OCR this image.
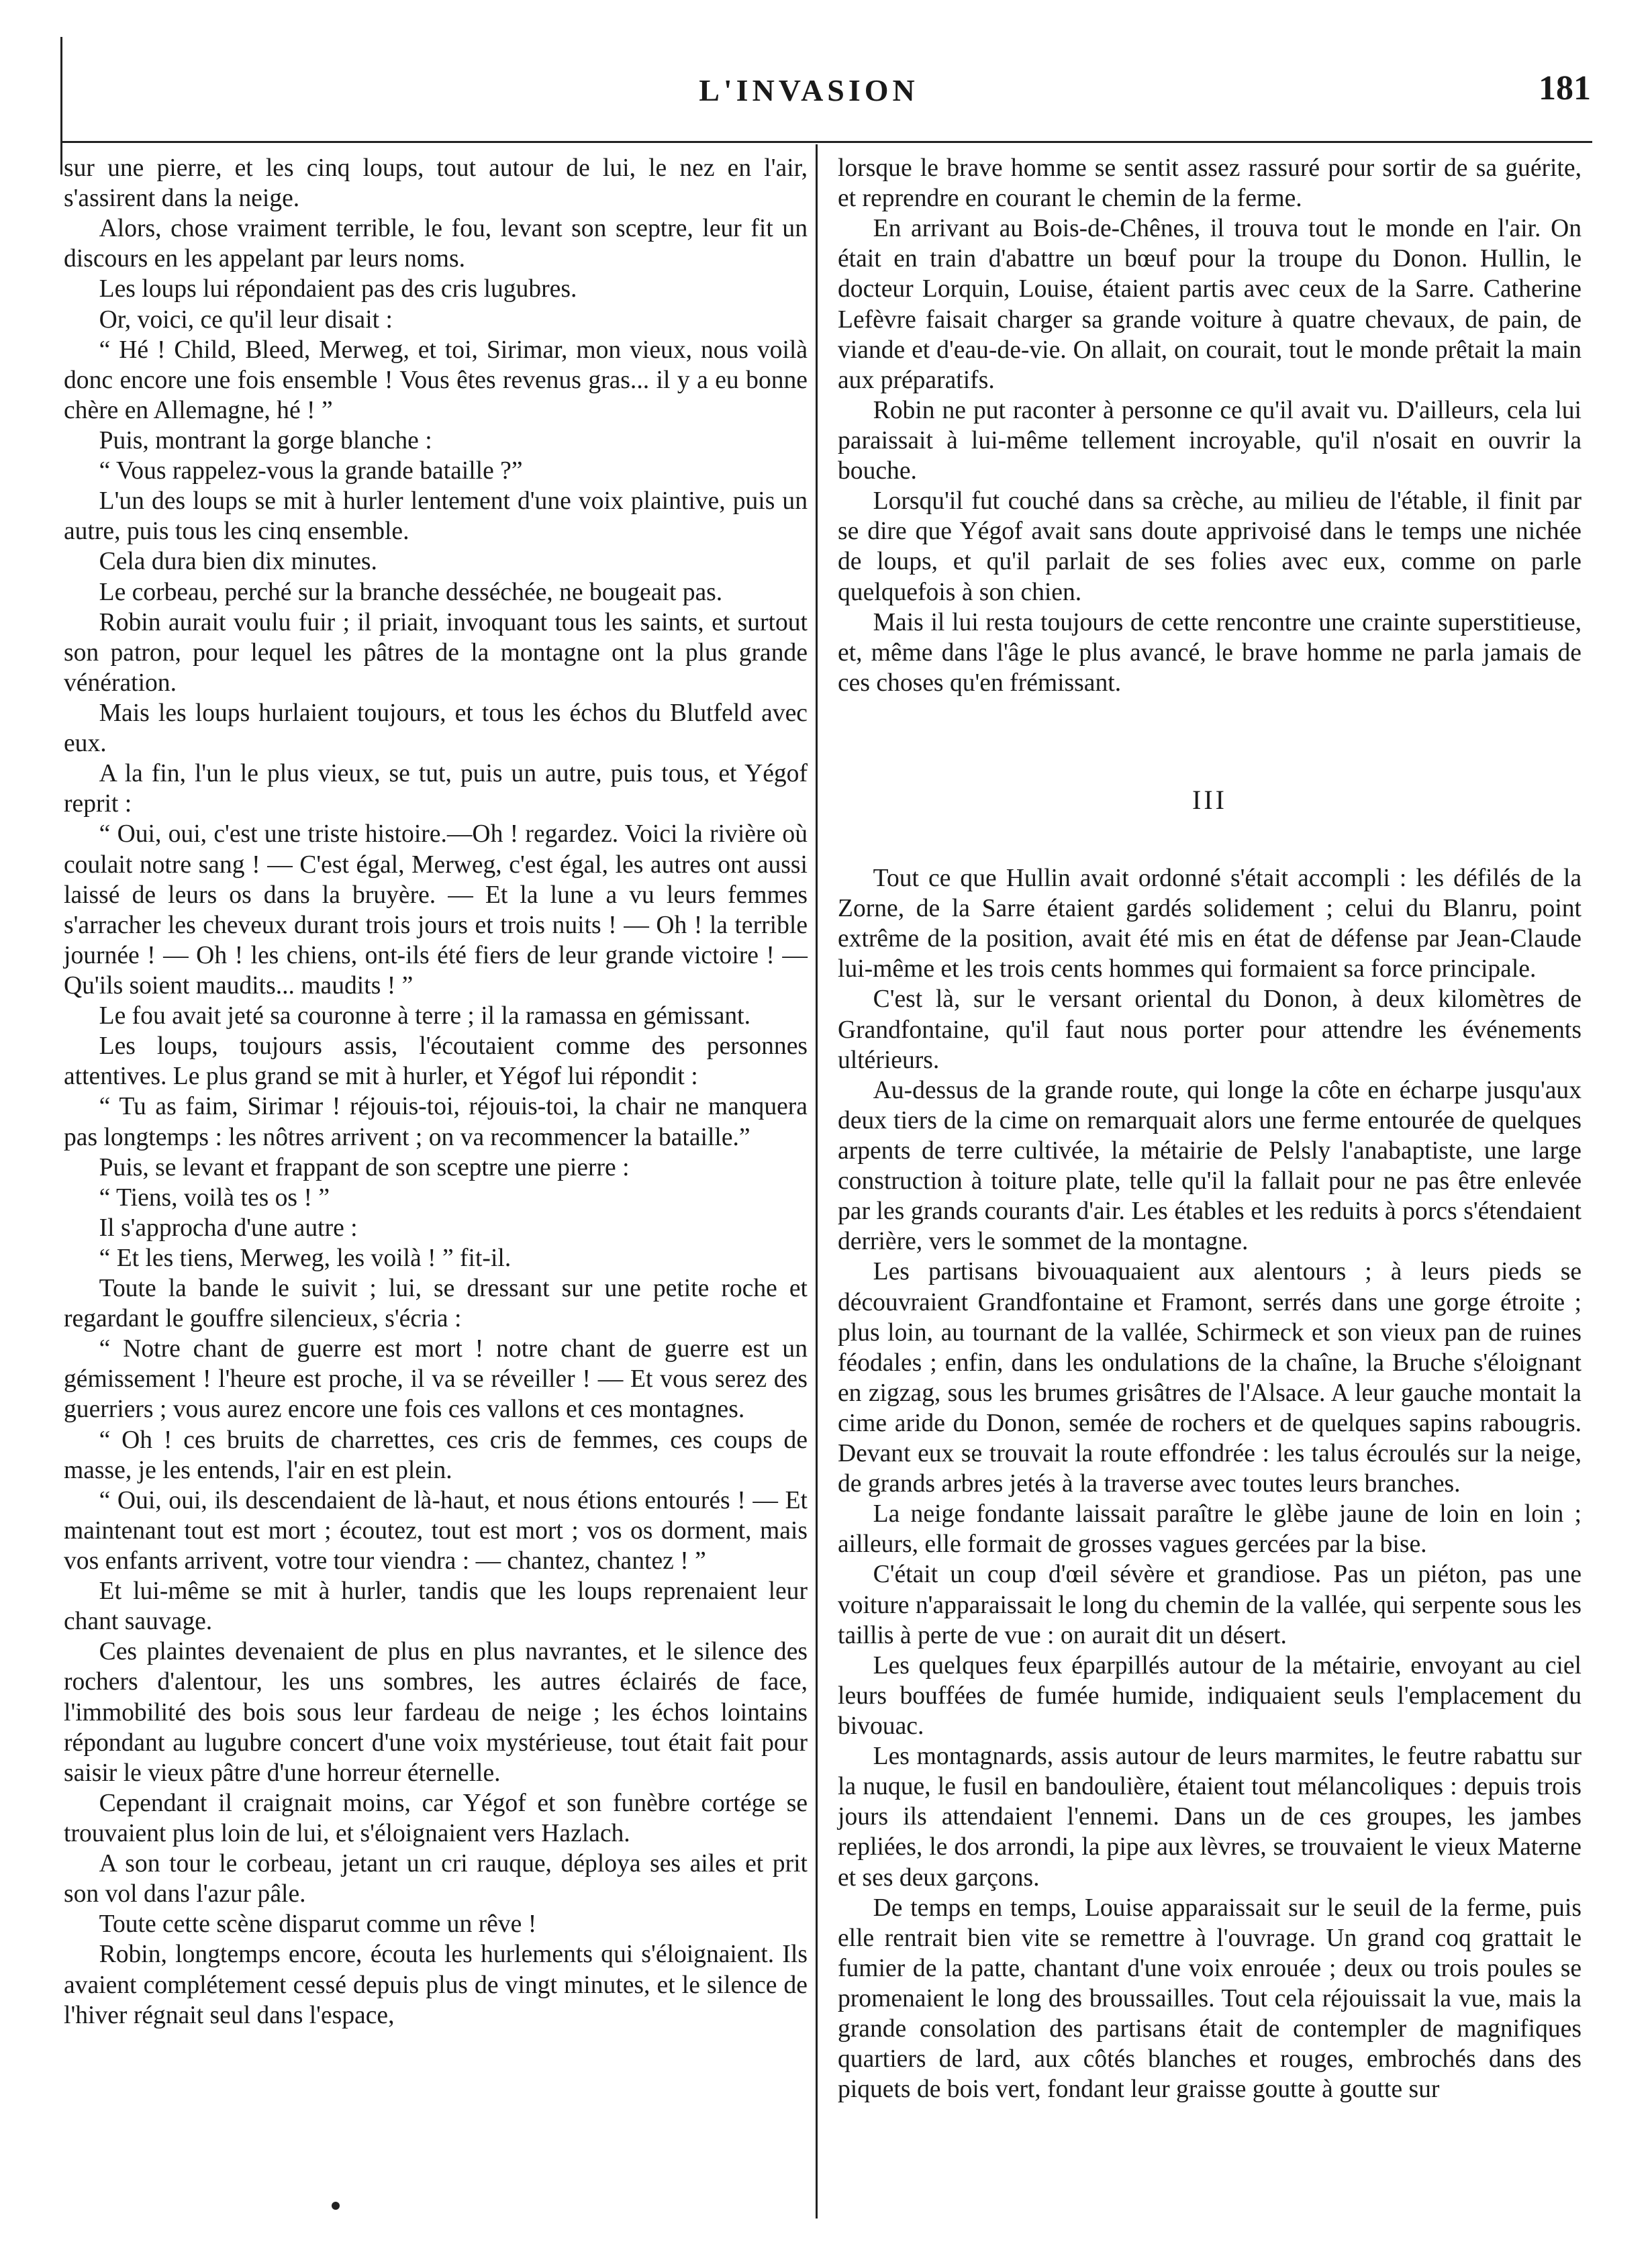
L'INVASION	181

sur une pierre, et les cinq loups, tout autour de lui, le nez en l'air, s'assirent dans la neige.

Alors, chose vraiment terrible, le fou, levant son sceptre, leur fit un discours en les appelant par leurs noms.

Les loups lui répondaient pas des cris lugubres.

Or, voici, ce qu'il leur disait :

“ Hé ! Child, Bleed, Merweg, et toi, Sirimar, mon vieux, nous voilà donc encore une fois ensemble ! Vous êtes revenus gras... il y a eu bonne chère en Allemagne, hé ! ”

Puis, montrant la gorge blanche :

“ Vous rappelez-vous la grande bataille ?”

L'un des loups se mit à hurler lentement d'une voix plaintive, puis un autre, puis tous les cinq ensemble.

Cela dura bien dix minutes.

Le corbeau, perché sur la branche desséchée, ne bougeait pas.

Robin aurait voulu fuir ; il priait, invoquant tous les saints, et surtout son patron, pour lequel les pâtres de la montagne ont la plus grande vénération.

Mais les loups hurlaient toujours, et tous les échos du Blutfeld avec eux.

A la fin, l'un le plus vieux, se tut, puis un autre, puis tous, et Yégof reprit :

“ Oui, oui, c'est une triste histoire.—Oh ! regardez. Voici la rivière où coulait notre sang ! — C'est égal, Merweg, c'est égal, les autres ont aussi laissé de leurs os dans la bruyère. — Et la lune a vu leurs femmes s'arracher les cheveux durant trois jours et trois nuits ! — Oh ! la terrible journée ! — Oh ! les chiens, ont-ils été fiers de leur grande victoire ! — Qu'ils soient maudits... maudits ! ”

Le fou avait jeté sa couronne à terre ; il la ramassa en gémissant.

Les loups, toujours assis, l'écoutaient comme des personnes attentives. Le plus grand se mit à hurler, et Yégof lui répondit :

“ Tu as faim, Sirimar ! réjouis-toi, réjouis-toi, la chair ne manquera pas longtemps : les nôtres arrivent ; on va recommencer la bataille.”

Puis, se levant et frappant de son sceptre une pierre :

“ Tiens, voilà tes os ! ”

Il s'approcha d'une autre :

“ Et les tiens, Merweg, les voilà ! ” fit-il.

Toute la bande le suivit ; lui, se dressant sur une petite roche et regardant le gouffre silencieux, s'écria :

“ Notre chant de guerre est mort ! notre chant de guerre est un gémissement ! l'heure est proche, il va se réveiller ! — Et vous serez des guerriers ; vous aurez encore une fois ces vallons et ces montagnes.

“ Oh ! ces bruits de charrettes, ces cris de femmes, ces coups de masse, je les entends, l'air en est plein.

“ Oui, oui, ils descendaient de là-haut, et nous étions entourés ! — Et maintenant tout est mort ; écoutez, tout est mort ; vos os dorment, mais vos enfants arrivent, votre tour viendra : — chantez, chantez ! ”

Et lui-même se mit à hurler, tandis que les loups reprenaient leur chant sauvage.

Ces plaintes devenaient de plus en plus navrantes, et le silence des rochers d'alentour, les uns sombres, les autres éclairés de face, l'immobilité des bois sous leur fardeau de neige ; les échos lointains répondant au lugubre concert d'une voix mystérieuse, tout était fait pour saisir le vieux pâtre d'une horreur éternelle.

Cependant il craignait moins, car Yégof et son funèbre cortége se trouvaient plus loin de lui, et s'éloignaient vers Hazlach.

A son tour le corbeau, jetant un cri rauque, déploya ses ailes et prit son vol dans l'azur pâle.

Toute cette scène disparut comme un rêve !

Robin, longtemps encore, écouta les hurlements qui s'éloignaient. Ils avaient complétement cessé depuis plus de vingt minutes, et le silence de l'hiver régnait seul dans l'espace,

lorsque le brave homme se sentit assez rassuré pour sortir de sa guérite, et reprendre en courant le chemin de la ferme.

En arrivant au Bois-de-Chênes, il trouva tout le monde en l'air. On était en train d'abattre un bœuf pour la troupe du Donon. Hullin, le docteur Lorquin, Louise, étaient partis avec ceux de la Sarre. Catherine Lefèvre faisait charger sa grande voiture à quatre chevaux, de pain, de viande et d'eau-de-vie. On allait, on courait, tout le monde prêtait la main aux préparatifs.

Robin ne put raconter à personne ce qu'il avait vu. D'ailleurs, cela lui paraissait à lui-même tellement incroyable, qu'il n'osait en ouvrir la bouche.

Lorsqu'il fut couché dans sa crèche, au milieu de l'étable, il finit par se dire que Yégof avait sans doute apprivoisé dans le temps une nichée de loups, et qu'il parlait de ses folies avec eux, comme on parle quelquefois à son chien.

Mais il lui resta toujours de cette rencontre une crainte superstitieuse, et, même dans l'âge le plus avancé, le brave homme ne parla jamais de ces choses qu'en frémissant.

III

Tout ce que Hullin avait ordonné s'était accompli : les défilés de la Zorne, de la Sarre étaient gardés solidement ; celui du Blanru, point extrême de la position, avait été mis en état de défense par Jean-Claude lui-même et les trois cents hommes qui formaient sa force principale.

C'est là, sur le versant oriental du Donon, à deux kilomètres de Grandfontaine, qu'il faut nous porter pour attendre les événements ultérieurs.

Au-dessus de la grande route, qui longe la côte en écharpe jusqu'aux deux tiers de la cime on remarquait alors une ferme entourée de quelques arpents de terre cultivée, la métairie de Pelsly l'anabaptiste, une large construction à toiture plate, telle qu'il la fallait pour ne pas être enlevée par les grands courants d'air. Les étables et les reduits à porcs s'étendaient derrière, vers le sommet de la montagne.

Les partisans bivouaquaient aux alentours ; à leurs pieds se découvraient Grandfontaine et Framont, serrés dans une gorge étroite ; plus loin, au tournant de la vallée, Schirmeck et son vieux pan de ruines féodales ; enfin, dans les ondulations de la chaîne, la Bruche s'éloignant en zigzag, sous les brumes grisâtres de l'Alsace. A leur gauche montait la cime aride du Donon, semée de rochers et de quelques sapins rabougris. Devant eux se trouvait la route effondrée : les talus écroulés sur la neige, de grands arbres jetés à la traverse avec toutes leurs branches.

La neige fondante laissait paraître le glèbe jaune de loin en loin ; ailleurs, elle formait de grosses vagues gercées par la bise.

C'était un coup d'œil sévère et grandiose. Pas un piéton, pas une voiture n'apparaissait le long du chemin de la vallée, qui serpente sous les taillis à perte de vue : on aurait dit un désert.

Les quelques feux éparpillés autour de la métairie, envoyant au ciel leurs bouffées de fumée humide, indiquaient seuls l'emplacement du bivouac.

Les montagnards, assis autour de leurs marmites, le feutre rabattu sur la nuque, le fusil en bandoulière, étaient tout mélancoliques : depuis trois jours ils attendaient l'ennemi. Dans un de ces groupes, les jambes repliées, le dos arrondi, la pipe aux lèvres, se trouvaient le vieux Materne et ses deux garçons.

De temps en temps, Louise apparaissait sur le seuil de la ferme, puis elle rentrait bien vite se remettre à l'ouvrage. Un grand coq grattait le fumier de la patte, chantant d'une voix enrouée ; deux ou trois poules se promenaient le long des broussailles. Tout cela réjouissait la vue, mais la grande consolation des partisans était de contempler de magnifiques quartiers de lard, aux côtés blanches et rouges, embrochés dans des piquets de bois vert, fondant leur graisse goutte à goutte sur
